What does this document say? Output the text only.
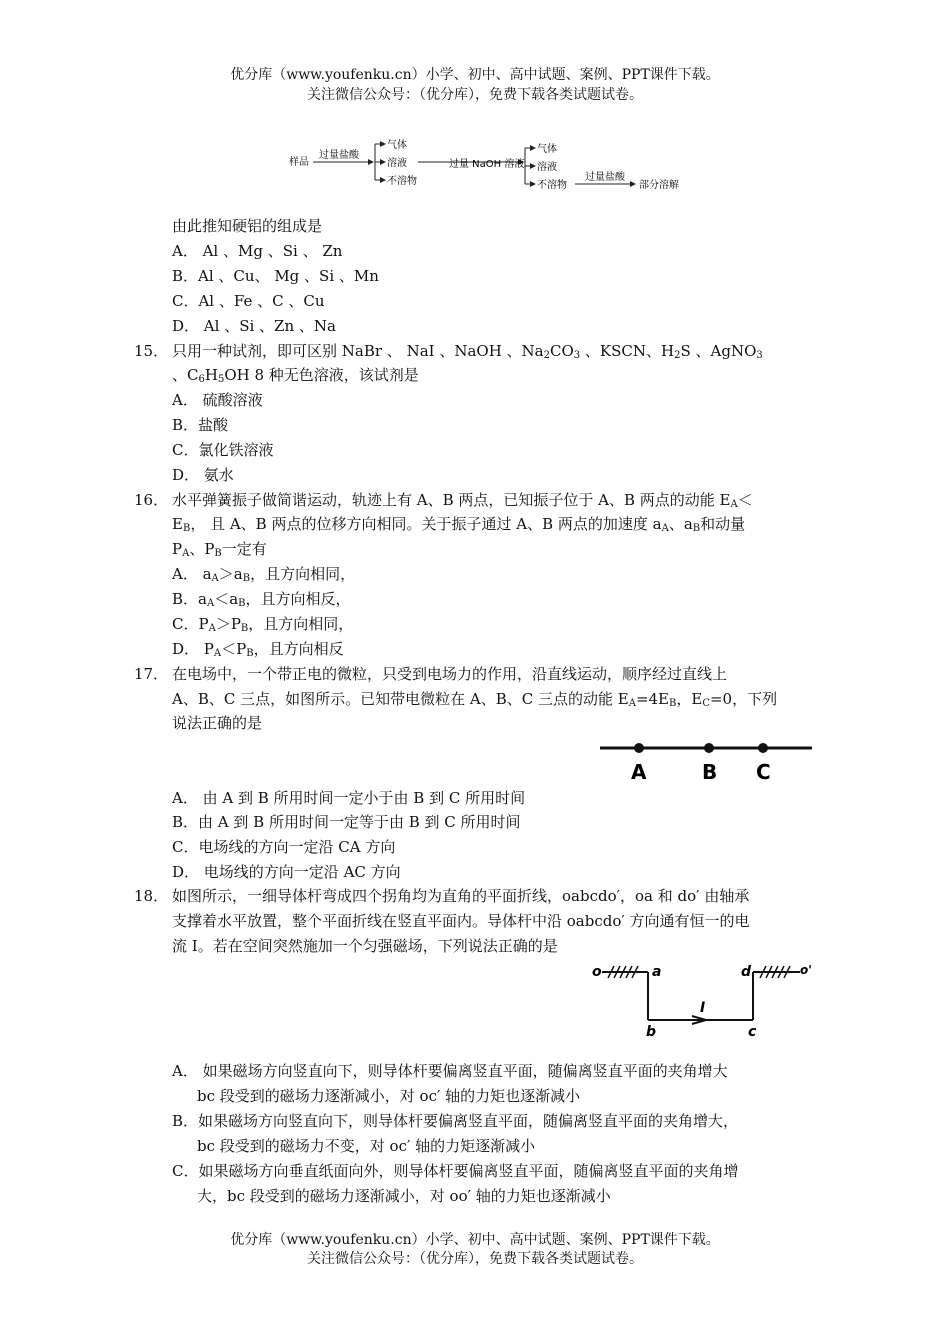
优分库（www.youfenku.cn）小学、初中、高中试题、案例、PPT课件下载。
关注微信公众号：（优分库），免费下载各类试题试卷。
样品
过量盐酸
气体
溶液
不溶物
过量 NaOH 溶液
气体
溶液
不溶物
过量盐酸
部分溶解
由此推知硬铝的组成是
A． Al 、Mg 、Si 、 Zn
B．Al 、Cu、 Mg 、Si 、Mn
C．Al 、Fe 、C 、Cu
D． Al 、Si 、Zn 、Na
15． 只用一种试剂，即可区别 NaBr 、 NaI 、NaOH 、$Na_2CO_3$ 、KSCN、$H_2S$ 、AgNO$_3$
、$C_6H_5OH$ 8 种无色溶液，该试剂是
A． 硫酸溶液
B．盐酸
C．氯化铁溶液
D． 氨水
16． 水平弹簧振子做简谐运动，轨迹上有 A、B 两点，已知振子位于 A、B 两点的动能 $E_A<$
$E_B$， 且 A、B 两点的位移方向相同。关于振子通过 A、B 两点的加速度 $a_A$、$a_B$和动量
$P_A$、$P_B$一定有
A． $a_A>a_B$，且方向相同，
B．$a_A<a_B$，且方向相反，
C．$P_A>P_B$，且方向相同，
D． $P_A<P_B$，且方向相反
17． 在电场中，一个带正电的微粒，只受到电场力的作用，沿直线运动，顺序经过直线上
A、B、C 三点，如图所示。已知带电微粒在 A、B、C 三点的动能 $E_A=4E_B$，$E_C=0$，下列
说法正确的是
A	B C
A． 由 A 到 B 所用时间一定小于由 B 到 C 所用时间
B．由 A 到 B 所用时间一定等于由 B 到 C 所用时间
C．电场线的方向一定沿 CA 方向
D． 电场线的方向一定沿 AC 方向
18． 如图所示，一细导体杆弯成四个拐角均为直角的平面折线，oabcdo′，oa 和 do′ 由轴承
支撑着水平放置，整个平面折线在竖直平面内。导体杆中沿 oabcdo′ 方向通有恒一的电
流 I。若在空间突然施加一个匀强磁场，下列说法正确的是
o	a	d	o'
b	c
I
A． 如果磁场方向竖直向下，则导体杆要偏离竖直平面，随偏离竖直平面的夹角增大
bc 段受到的磁场力逐渐减小，对 oc′ 轴的力矩也逐渐减小
B．如果磁场方向竖直向下，则导体杆要偏离竖直平面，随偏离竖直平面的夹角增大，
bc 段受到的磁场力不变，对 oc′ 轴的力矩逐渐减小
C．如果磁场方向垂直纸面向外，则导体杆要偏离竖直平面，随偏离竖直平面的夹角增
大，bc 段受到的磁场力逐渐减小，对 oo′ 轴的力矩也逐渐减小
优分库（www.youfenku.cn）小学、初中、高中试题、案例、PPT课件下载。
关注微信公众号：（优分库），免费下载各类试题试卷。
